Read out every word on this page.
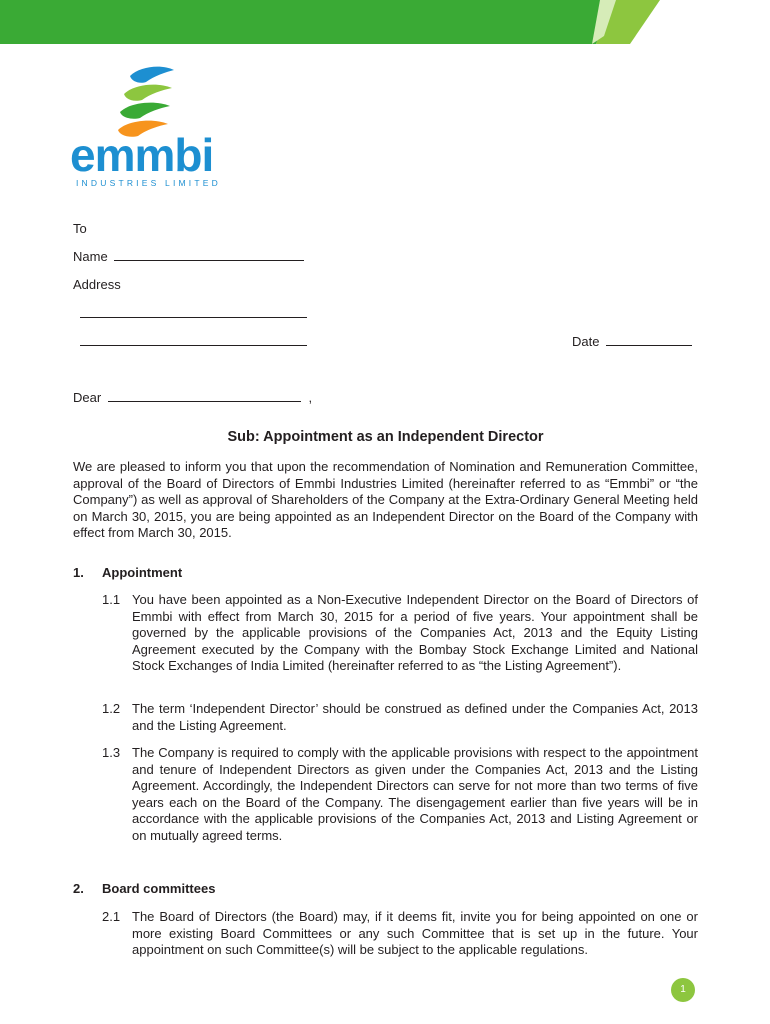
emmbi
INDUSTRIES LIMITED
To
Name
Address
Date
Dear	,
Sub: Appointment as an Independent Director

We are pleased to inform you that upon the recommendation of Nomination and Remuneration Committee, approval of the Board of Directors of Emmbi Industries Limited (hereinafter referred to as “Emmbi” or “the Company”) as well as approval of Shareholders of the Company at the Extra-Ordinary General Meeting held on March 30, 2015, you are being appointed as an Independent Director on the Board of the Company with effect from March 30, 2015.

1. Appointment
1.1 You have been appointed as a Non-Executive Independent Director on the Board of Directors of Emmbi with effect from March 30, 2015 for a period of five years. Your appointment shall be governed by the applicable provisions of the Companies Act, 2013 and the Equity Listing Agreement executed by the Company with the Bombay Stock Exchange Limited and National Stock Exchanges of India Limited (hereinafter referred to as “the Listing Agreement”).

1.2 The term ‘Independent Director’ should be construed as defined under the Companies Act, 2013 and the Listing Agreement.

1.3 The Company is required to comply with the applicable provisions with respect to the appointment and tenure of Independent Directors as given under the Companies Act, 2013 and the Listing Agreement. Accordingly, the Independent Directors can serve for not more than two terms of five years each on the Board of the Company. The disengagement earlier than five years will be in accordance with the applicable provisions of the Companies Act, 2013 and Listing Agreement or on mutually agreed terms.

2. Board committees
2.1 The Board of Directors (the Board) may, if it deems fit, invite you for being appointed on one or more existing Board Committees or any such Committee that is set up in the future. Your appointment on such Committee(s) will be subject to the applicable regulations.

1
